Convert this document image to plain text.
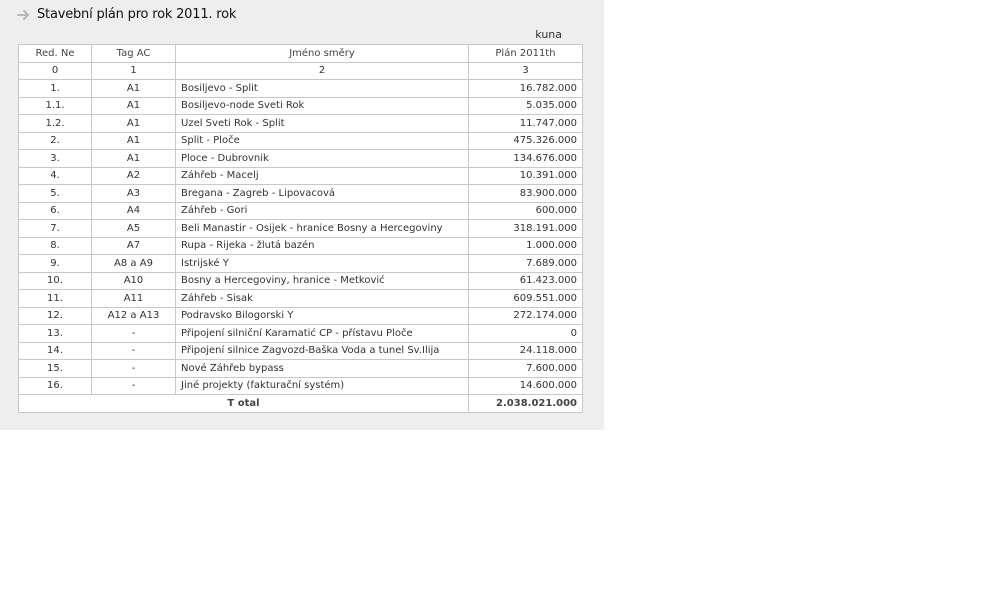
Stavební plán pro rok 2011. rok
kuna
Red. Ne	Tag AC	Jméno směry	Plán 2011th
0	1	2	3
1.	A1	Bosiljevo - Split	16.782.000
1.1.	A1	Bosiljevo-node Sveti Rok	5.035.000
1.2.	A1	Uzel Sveti Rok - Split	11.747.000
2.	A1	Split - Ploče	475.326.000
3.	A1	Ploce - Dubrovnik	134.676.000
4.	A2	Záhřeb - Macelj	10.391.000
5.	A3	Bregana - Zagreb - Lipovacová	83.900.000
6.	A4	Záhřeb - Gori	600.000
7.	A5	Beli Manastir - Osijek - hranice Bosny a Hercegoviny	318.191.000
8.	A7	Rupa - Rijeka - žlutá bazén	1.000.000
9.	A8 a A9	Istrijské Y	7.689.000
10.	A10	Bosny a Hercegoviny, hranice - Metković	61.423.000
11.	A11	Záhřeb - Sisak	609.551.000
12.	A12 a A13	Podravsko Bilogorski Y	272.174.000
13.	-	Připojení silniční Karamatić CP - přístavu Ploče	0
14.	-	Připojení silnice Zagvozd-Baška Voda a tunel Sv.Ilija	24.118.000
15.	-	Nové Záhřeb bypass	7.600.000
16.	-	Jiné projekty (fakturační systém)	14.600.000
T otal			2.038.021.000
